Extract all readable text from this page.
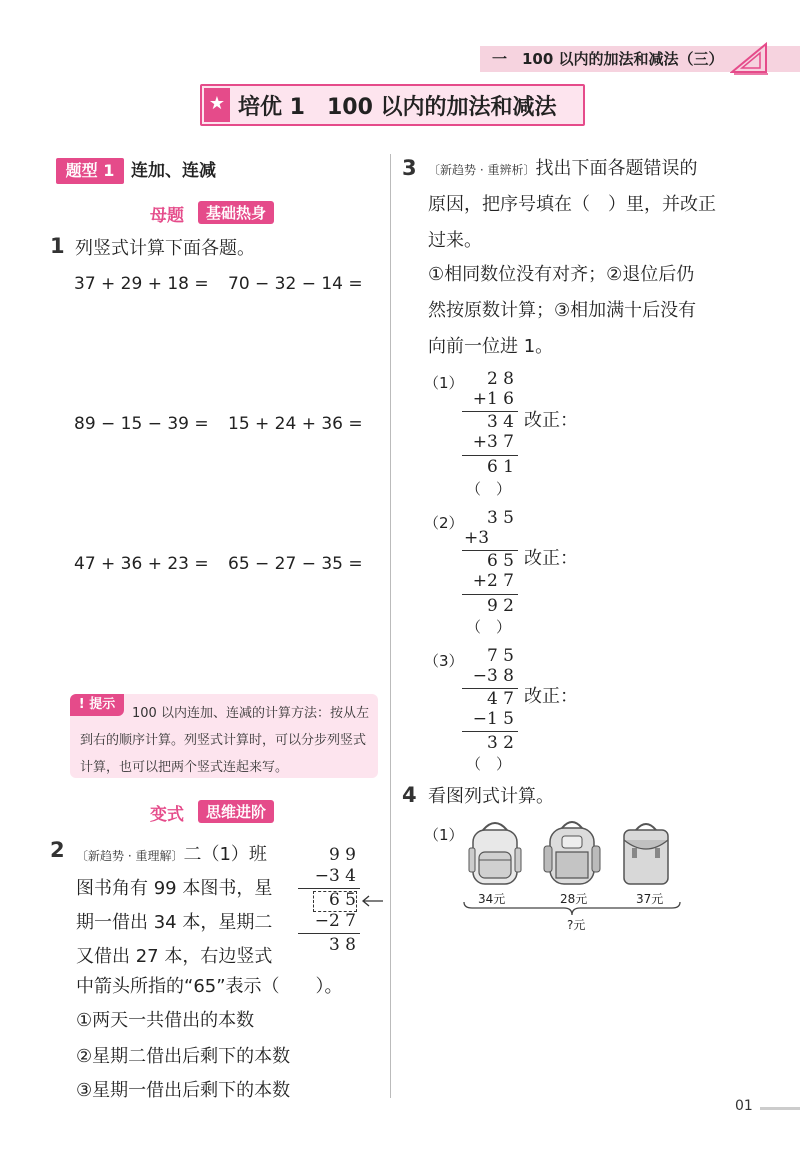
一　100 以内的加法和减法（三）
★ 培优 1　100 以内的加法和减法
题型 1 连加、连减
母题	基础热身
1 列竖式计算下面各题。
37 + 29 + 18 = 70 − 32 − 14 =
89 − 15 − 39 = 15 + 24 + 36 =
47 + 36 + 23 = 65 − 27 − 35 =
! 提示
100 以内连加、连减的计算方法：按从左到右的顺序计算。列竖式计算时，可以分步列竖式计算，也可以把两个竖式连起来写。
变式	思维进阶
2 〔新趋势 · 重理解〕二（1）班
图书角有 99 本图书，星
期一借出 34 本，星期二
又借出 27 本，右边竖式
中箭头所指的“65”表示（　　）。
①两天一共借出的本数
②星期二借出后剩下的本数
③星期一借出后剩下的本数
9 9
−3 4
6 5
−2 7
3 8
3 〔新趋势 · 重辨析〕找出下面各题错误的
原因，把序号填在（　）里，并改正
过来。
①相同数位没有对齐；②退位后仍
然按原数计算；③相加满十后没有
向前一位进 1。
（1）	2 8
+1 6
3 4 改正：
+3 7
6 1
（　）
（2）	3 5
+3
6 5 改正：
+2 7
9 2
（　）
（3）	7 5
−3 8
4 7 改正：
−1 5
3 2
（　）
4 看图列式计算。
（1）
34元	28元	37元
?元
01
